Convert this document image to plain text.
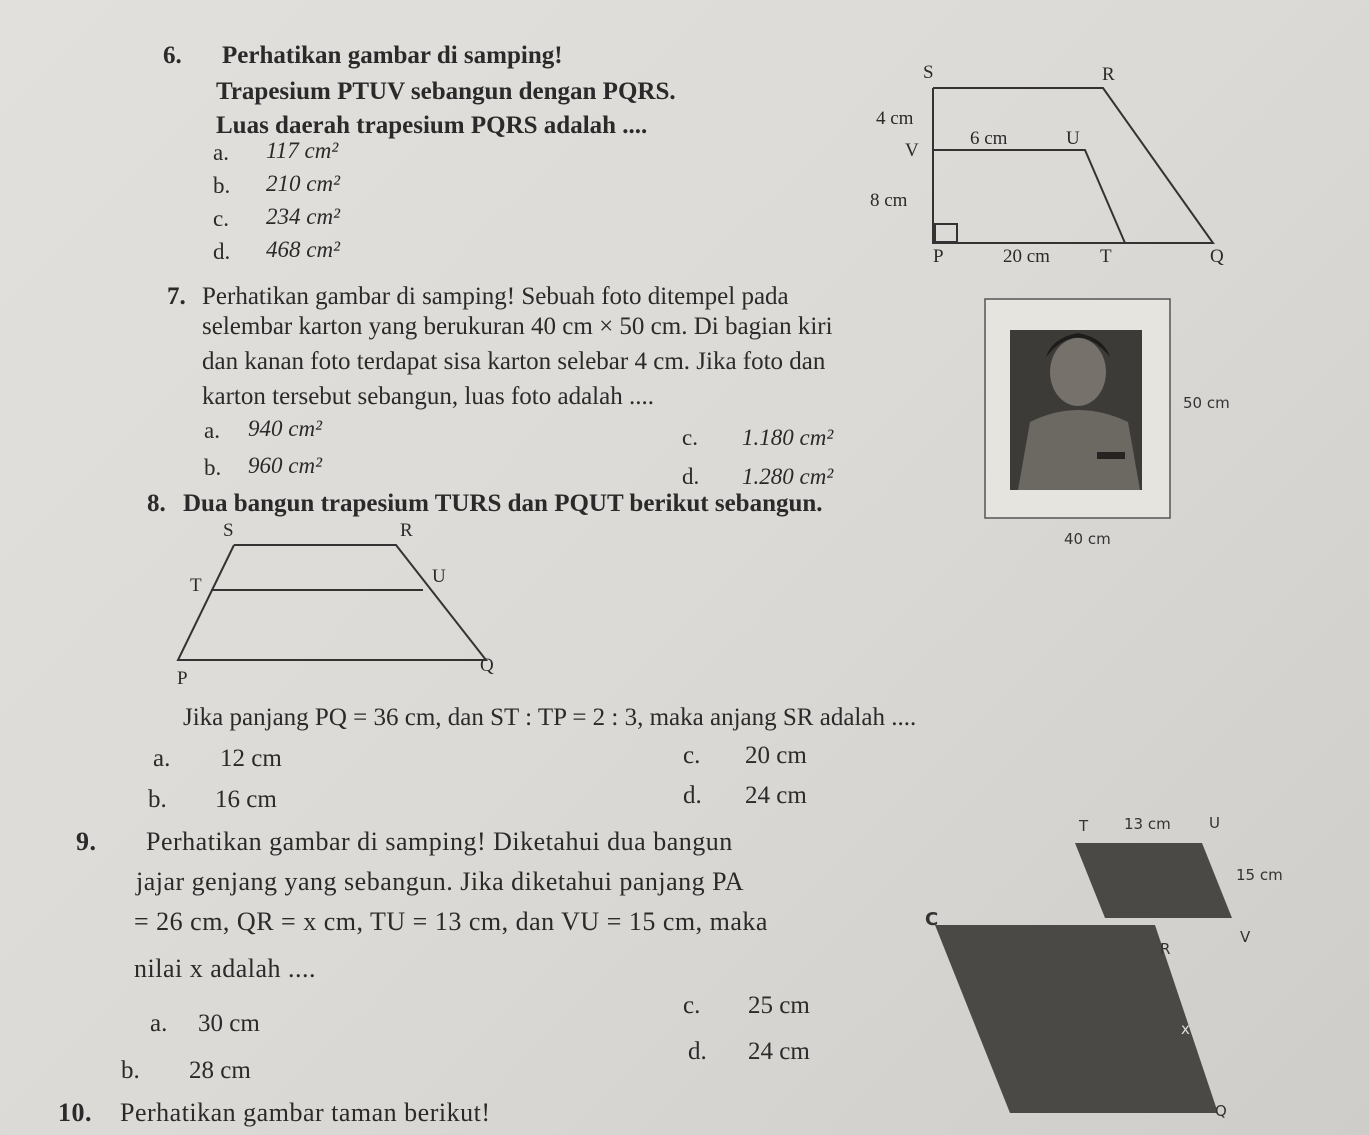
6. Perhatikan gambar di samping!
Trapesium PTUV sebangun dengan PQRS.
Luas daerah trapesium PQRS adalah ....
a. 117 cm²
b. 210 cm²
c. 234 cm²
d. 468 cm²
S	R
4 cm
6 cm	U
V
8 cm
P	20 cm	T	Q
7. Perhatikan gambar di samping! Sebuah foto ditempel pada
selembar karton yang berukuran 40 cm × 50 cm. Di bagian kiri
dan kanan foto terdapat sisa karton selebar 4 cm. Jika foto dan
karton tersebut sebangun, luas foto adalah ....
a. 940 cm²
b. 960 cm²
c. 1.180 cm²
d. 1.280 cm²
50 cm
40 cm
8. Dua bangun trapesium TURS dan PQUT berikut sebangun.
S	R
T	U
P
Q
Jika panjang PQ = 36 cm, dan ST : TP = 2 : 3, maka anjang SR adalah ....
a. 12 cm
b. 16 cm
c. 20 cm
d. 24 cm
9. Perhatikan gambar di samping! Diketahui dua bangun
jajar genjang yang sebangun. Jika diketahui panjang PA
= 26 cm, QR = x cm, TU = 13 cm, dan VU = 15 cm, maka
nilai x adalah ....
a. 30 cm
b. 28 cm
c. 25 cm
d. 24 cm
T 13 cm	U
15 cm
C
R
V
x
Q
10. Perhatikan gambar taman berikut!
